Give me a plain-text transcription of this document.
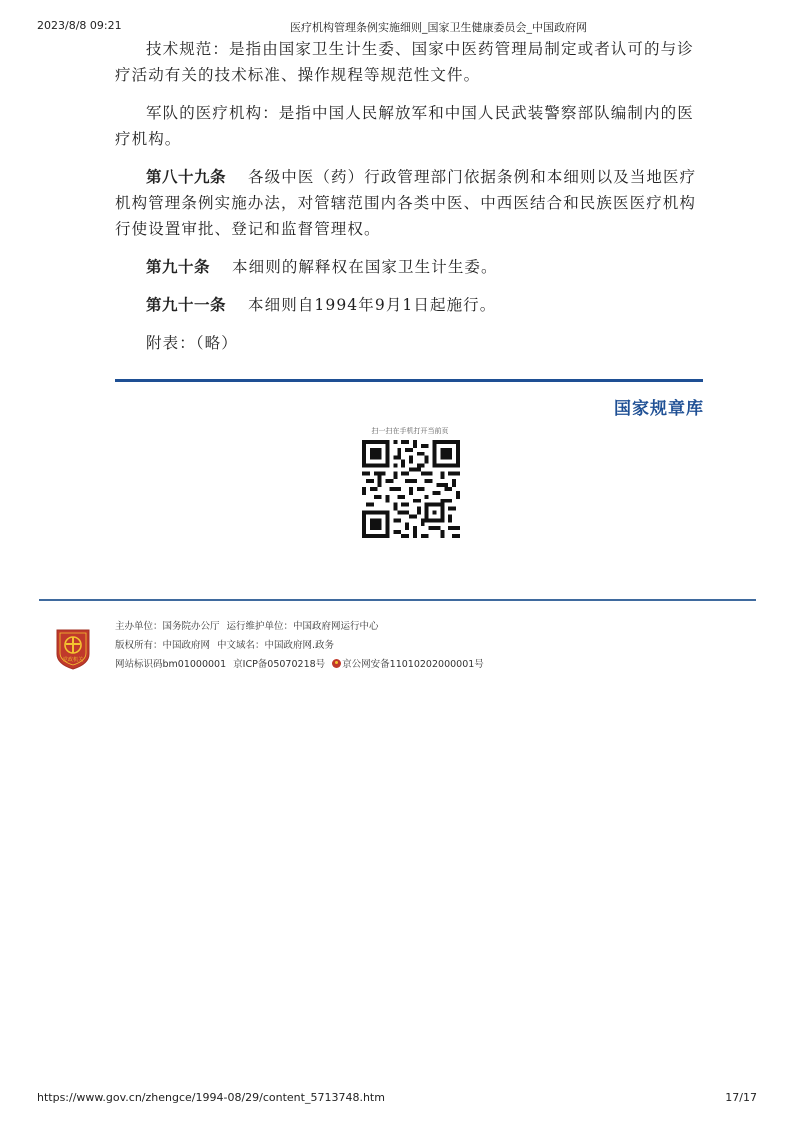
2023/8/8 09:21	医疗机构管理条例实施细则_国家卫生健康委员会_中国政府网

技术规范：是指由国家卫生计生委、国家中医药管理局制定或者认可的与诊疗活动有关的技术标准、操作规程等规范性文件。

军队的医疗机构：是指中国人民解放军和中国人民武装警察部队编制内的医疗机构。

第八十九条 各级中医（药）行政管理部门依据条例和本细则以及当地医疗机构管理条例实施办法，对管辖范围内各类中医、中西医结合和民族医医疗机构行使设置审批、登记和监督管理权。

第九十条 本细则的解释权在国家卫生计生委。

第九十一条 本细则自1994年9月1日起施行。

附表：（略）

国家规章库
扫一扫在手机打开当前页
党政机关
主办单位：国务院办公厅 运行维护单位：中国政府网运行中心
版权所有：中国政府网 中文域名：中国政府网.政务
网站标识码bm01000001 京ICP备05070218号 京公网安备11010202000001号
https://www.gov.cn/zhengce/1994-08/29/content_5713748.htm	17/17
